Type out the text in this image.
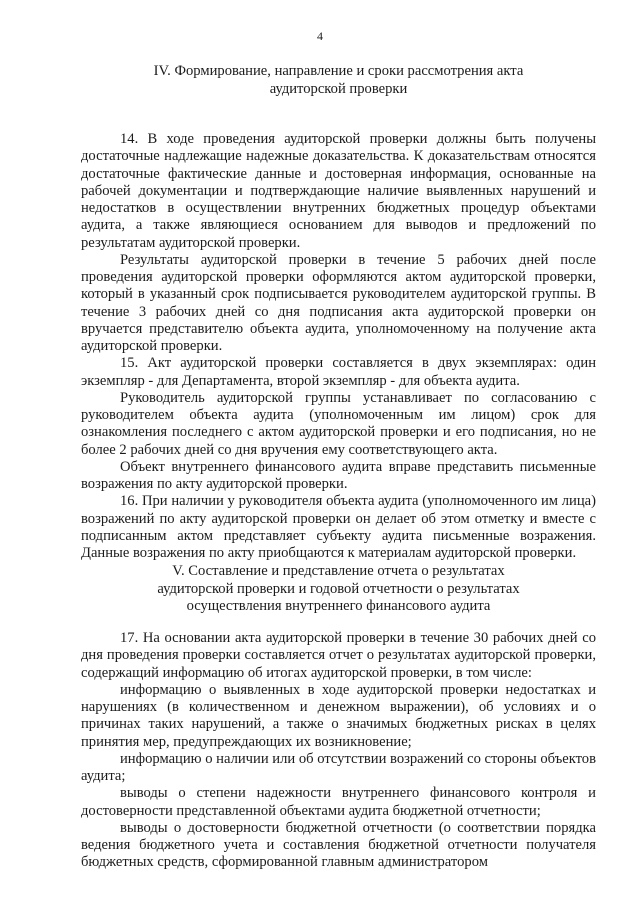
4
IV. Формирование, направление и сроки рассмотрения акта
аудиторской проверки

14. В ходе проведения аудиторской проверки должны быть получены достаточные надлежащие надежные доказательства. К доказательствам относятся достаточные фактические данные и достоверная информация, основанные на рабочей документации и подтверждающие наличие выявленных нарушений и недостатков в осуществлении внутренних бюджетных процедур объектами аудита, а также являющиеся основанием для выводов и предложений по результатам аудиторской проверки.

Результаты аудиторской проверки в течение 5 рабочих дней после проведения аудиторской проверки оформляются актом аудиторской проверки, который в указанный срок подписывается руководителем аудиторской группы. В течение 3 рабочих дней со дня подписания акта аудиторской проверки он вручается представителю объекта аудита, уполномоченному на получение акта аудиторской проверки.

15. Акт аудиторской проверки составляется в двух экземплярах: один экземпляр - для Департамента, второй экземпляр - для объекта аудита.

Руководитель аудиторской группы устанавливает по согласованию с руководителем объекта аудита (уполномоченным им лицом) срок для ознакомления последнего с актом аудиторской проверки и его подписания, но не более 2 рабочих дней со дня вручения ему соответствующего акта.

Объект внутреннего финансового аудита вправе представить письменные возражения по акту аудиторской проверки.

16. При наличии у руководителя объекта аудита (уполномоченного им лица) возражений по акту аудиторской проверки он делает об этом отметку и вместе с подписанным актом представляет субъекту аудита письменные возражения. Данные возражения по акту приобщаются к материалам аудиторской проверки.

V. Составление и представление отчета о результатах
аудиторской проверки и годовой отчетности о результатах
осуществления внутреннего финансового аудита

17. На основании акта аудиторской проверки в течение 30 рабочих дней со дня проведения проверки составляется отчет о результатах аудиторской проверки, содержащий информацию об итогах аудиторской проверки, в том числе:

информацию о выявленных в ходе аудиторской проверки недостатках и нарушениях (в количественном и денежном выражении), об условиях и о причинах таких нарушений, а также о значимых бюджетных рисках в целях принятия мер, предупреждающих их возникновение;

информацию о наличии или об отсутствии возражений со стороны объектов аудита;

выводы о степени надежности внутреннего финансового контроля и достоверности представленной объектами аудита бюджетной отчетности;

выводы о достоверности бюджетной отчетности (о соответствии порядка ведения бюджетного учета и составления бюджетной отчетности получателя бюджетных средств, сформированной главным администратором
